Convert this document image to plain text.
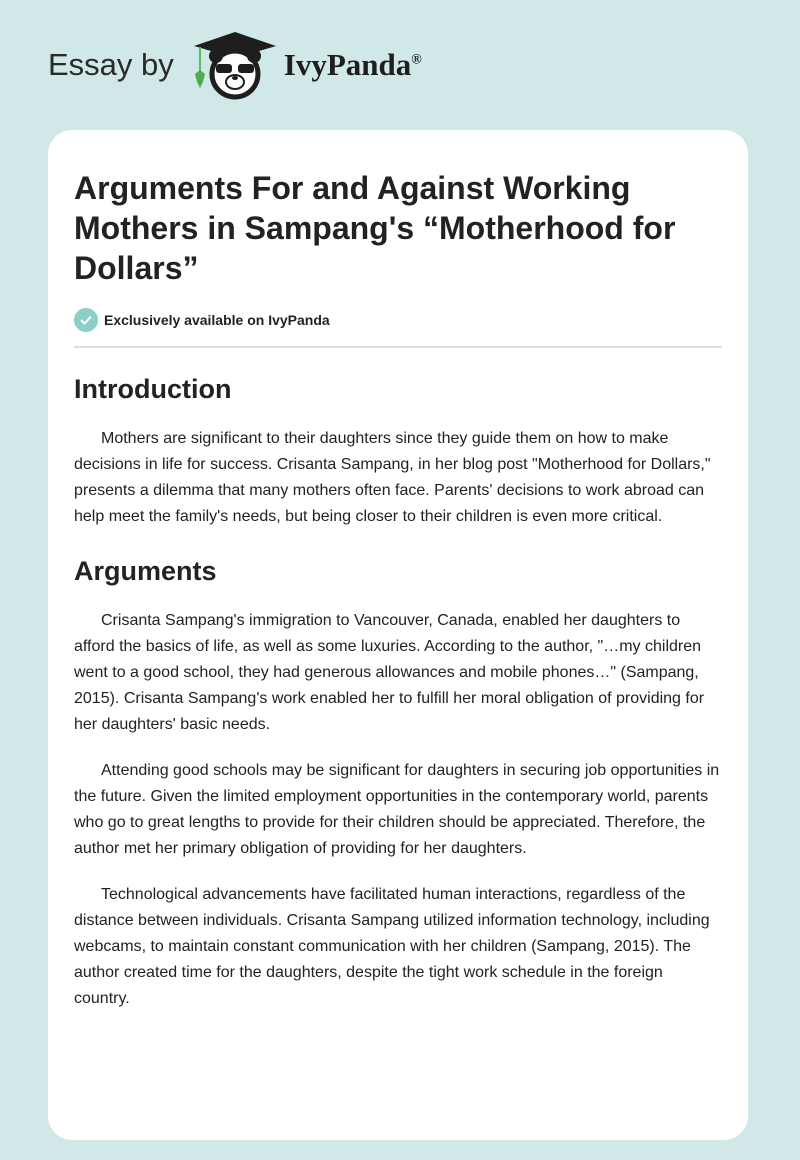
Essay by	IvyPanda®
Arguments For and Against Working Mothers in Sampang's “Motherhood for Dollars”
Exclusively available on IvyPanda
Introduction

Mothers are significant to their daughters since they guide them on how to make decisions in life for success. Crisanta Sampang, in her blog post "Motherhood for Dollars," presents a dilemma that many mothers often face. Parents' decisions to work abroad can help meet the family's needs, but being closer to their children is even more critical.

Arguments

Crisanta Sampang's immigration to Vancouver, Canada, enabled her daughters to afford the basics of life, as well as some luxuries. According to the author, "…my children went to a good school, they had generous allowances and mobile phones…" (Sampang, 2015). Crisanta Sampang's work enabled her to fulfill her moral obligation of providing for her daughters' basic needs.

Attending good schools may be significant for daughters in securing job opportunities in the future. Given the limited employment opportunities in the contemporary world, parents who go to great lengths to provide for their children should be appreciated. Therefore, the author met her primary obligation of providing for her daughters.

Technological advancements have facilitated human interactions, regardless of the distance between individuals. Crisanta Sampang utilized information technology, including webcams, to maintain constant communication with her children (Sampang, 2015). The author created time for the daughters, despite the tight work schedule in the foreign country.
